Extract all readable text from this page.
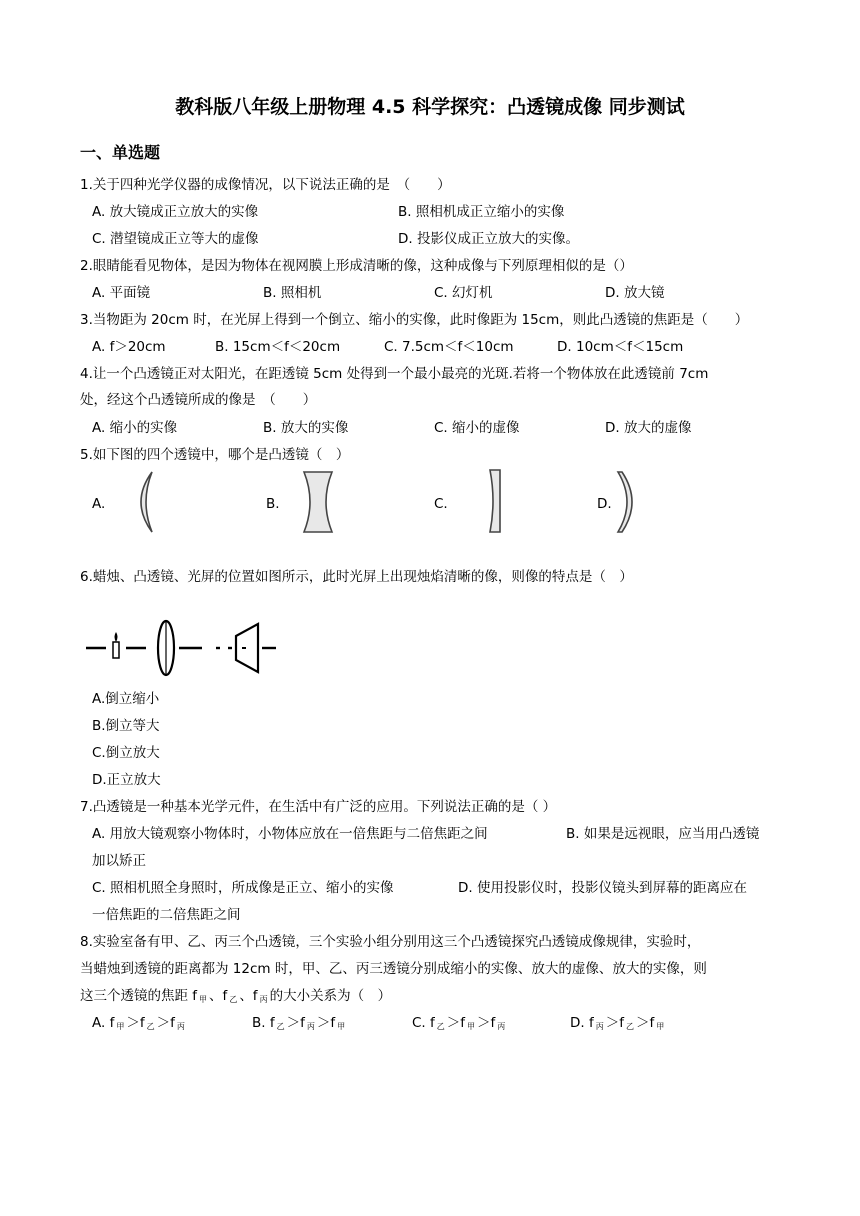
教科版八年级上册物理 4.5 科学探究：凸透镜成像 同步测试
一、单选题
1.关于四种光学仪器的成像情况，以下说法正确的是　（　　）
A. 放大镜成正立放大的实像	B. 照相机成正立缩小的实像
C. 潜望镜成正立等大的虚像	D. 投影仪成正立放大的实像。
2.眼睛能看见物体，是因为物体在视网膜上形成清晰的像，这种成像与下列原理相似的是（）
A. 平面镜	B. 照相机	C. 幻灯机	D. 放大镜
3.当物距为 20cm 时，在光屏上得到一个倒立、缩小的实像，此时像距为 15cm，则此凸透镜的焦距是（　　）
A. f＞20cm	B. 15cm＜f＜20cm	C. 7.5cm＜f＜10cm	D. 10cm＜f＜15cm
4.让一个凸透镜正对太阳光，在距透镜 5cm 处得到一个最小最亮的光斑.若将一个物体放在此透镜前 7cm
处，经这个凸透镜所成的像是　（　　）
A. 缩小的实像	B. 放大的实像	C. 缩小的虚像	D. 放大的虚像
5.如下图的四个透镜中，哪个是凸透镜（　）
A.	B.	C.	D.
6.蜡烛、凸透镜、光屏的位置如图所示，此时光屏上出现烛焰清晰的像，则像的特点是（　）
A.倒立缩小
B.倒立等大
C.倒立放大
D.正立放大
7.凸透镜是一种基本光学元件，在生活中有广泛的应用。下列说法正确的是（ ）
A. 用放大镜观察小物体时，小物体应放在一倍焦距与二倍焦距之间	B. 如果是远视眼，应当用凸透镜
加以矫正
C. 照相机照全身照时，所成像是正立、缩小的实像	D. 使用投影仪时，投影仪镜头到屏幕的距离应在
一倍焦距的二倍焦距之间
8.实验室备有甲、乙、丙三个凸透镜，三个实验小组分别用这三个凸透镜探究凸透镜成像规律，实验时，
当蜡烛到透镜的距离都为 12cm 时，甲、乙、丙三透镜分别成缩小的实像、放大的虚像、放大的实像，则
这三个透镜的焦距 f $_甲$ 、f $_乙$ 、f $_丙$ 的大小关系为（　）
A. f $_甲$ ＞f $_乙$ ＞f $_丙$	B. f $_乙$ ＞f $_丙$ ＞f $_甲$	C. f $_乙$ ＞f $_甲$ ＞f $_丙$	D. f $_丙$ ＞f $_乙$ ＞f $_甲$
